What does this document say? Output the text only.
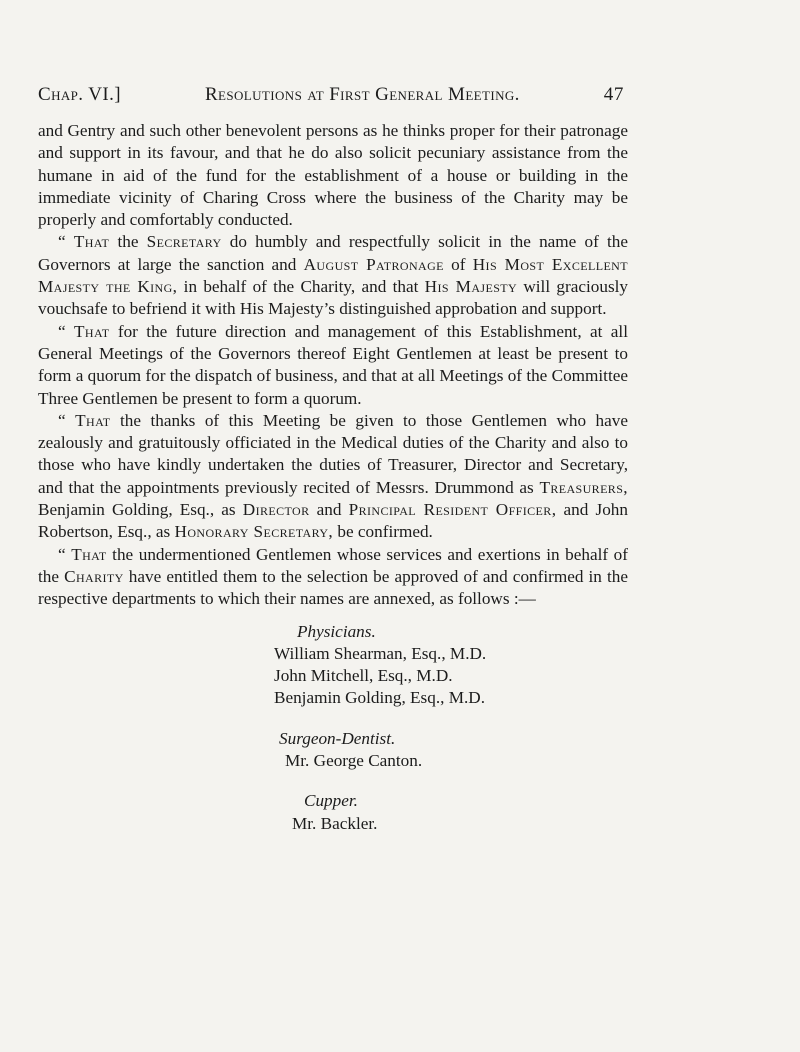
Chap. VI.]	Resolutions at First General Meeting.	47

and Gentry and such other benevolent persons as he thinks proper for their patronage and support in its favour, and that he do also solicit pecuniary assistance from the humane in aid of the fund for the establishment of a house or building in the immediate vicinity of Charing Cross where the business of the Charity may be properly and comfortably conducted.

“ That the Secretary do humbly and respectfully solicit in the name of the Governors at large the sanction and August Patronage of His Most Excellent Majesty the King, in behalf of the Charity, and that His Majesty will graciously vouchsafe to befriend it with His Majesty’s distinguished approbation and support.

“ That for the future direction and management of this Establishment, at all General Meetings of the Governors thereof Eight Gentlemen at least be present to form a quorum for the dispatch of business, and that at all Meetings of the Committee Three Gentlemen be present to form a quorum.

“ That the thanks of this Meeting be given to those Gentlemen who have zealously and gratuitously officiated in the Medical duties of the Charity and also to those who have kindly undertaken the duties of Treasurer, Director and Secretary, and that the appointments previously recited of Messrs. Drummond as Treasurers, Benjamin Golding, Esq., as Director and Principal Resident Officer, and John Robertson, Esq., as Honorary Secretary, be confirmed.

“ That the undermentioned Gentlemen whose services and exertions in behalf of the Charity have entitled them to the selection be approved of and confirmed in the respective departments to which their names are annexed, as follows :—

Physicians.
William Shearman, Esq., M.D.
John Mitchell, Esq., M.D.
Benjamin Golding, Esq., M.D.
Surgeon-Dentist.
Mr. George Canton.
Cupper.
Mr. Backler.
